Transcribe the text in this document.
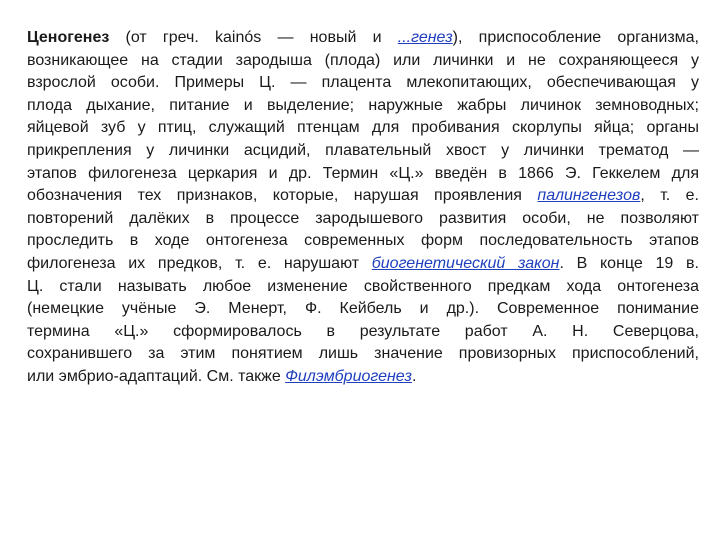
Ценогенез (от греч. kainós — новый и ...генез), приспособление организма,
возникающее на стадии зародыша (плода) или личинки и не сохраняющееся у
взрослой особи. Примеры Ц. — плацента млекопитающих, обеспечивающая у
плода дыхание, питание и выделение; наружные жабры личинок земноводных;
яйцевой зуб у птиц, служащий птенцам для пробивания скорлупы яйца; органы
прикрепления у личинки асцидий, плавательный хвост у личинки трематод —
этапов филогенеза церкария и др. Термин «Ц.» введён в 1866 Э. Геккелем для
обозначения тех признаков, которые, нарушая проявления палингенезов, т. е.
повторений далёких в процессе зародышевого развития особи, не позволяют
проследить в ходе онтогенеза современных форм последовательность этапов
филогенеза их предков, т. е. нарушают биогенетический закон. В конце 19 в.
Ц. стали называть любое изменение свойственного предкам хода онтогенеза
(немецкие учёные Э. Менерт, Ф. Кейбель и др.). Современное понимание
термина «Ц.» сформировалось в результате работ А. Н. Северцова,
сохранившего за этим понятием лишь значение провизорных приспособлений,
или эмбрио-адаптаций. См. также Филэмбриогенез.
